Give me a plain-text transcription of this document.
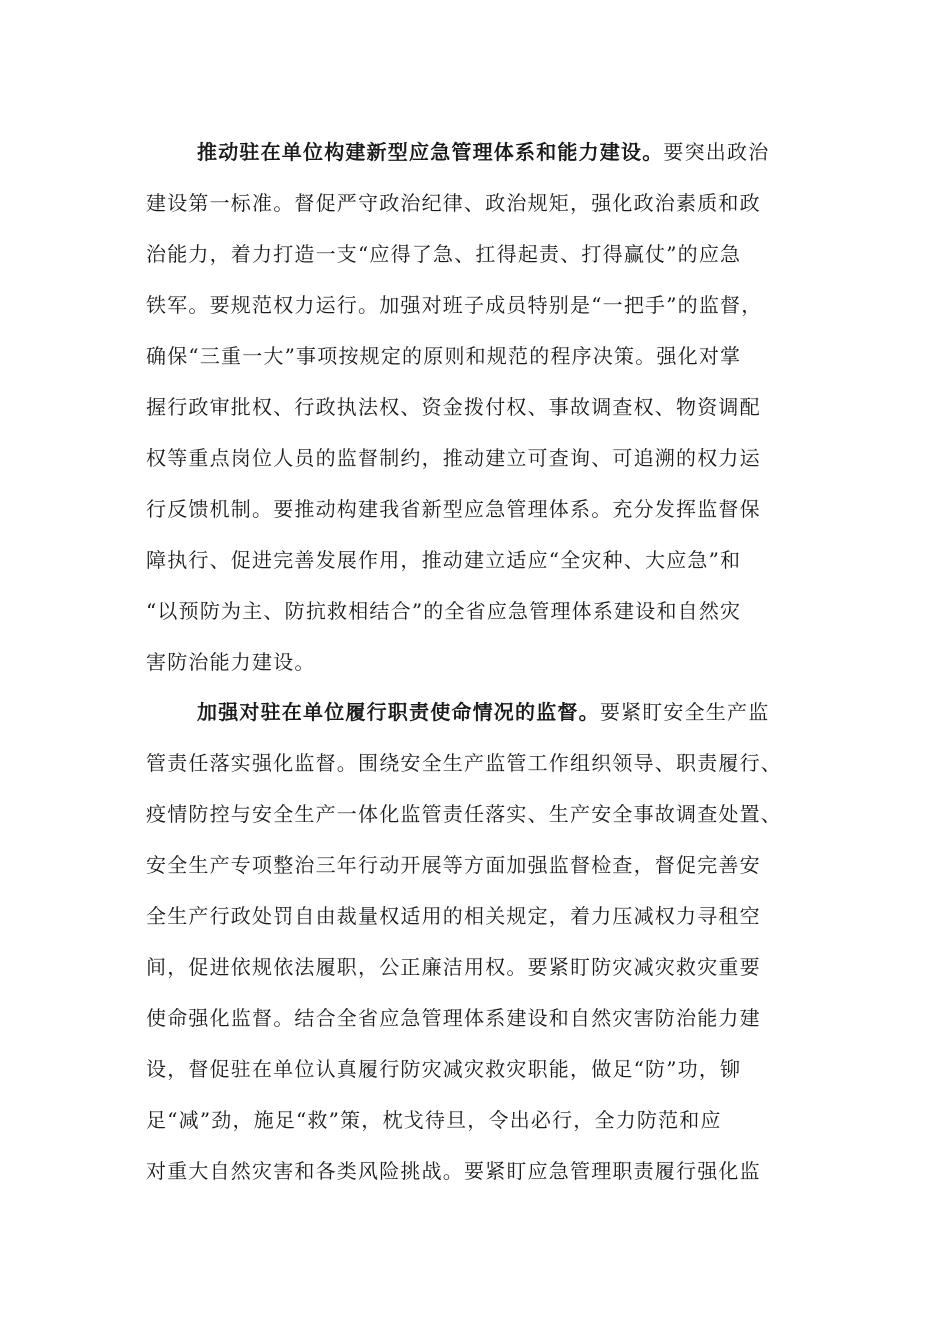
推动驻在单位构建新型应急管理体系和能力建设。要突出政治
建设第一标准。督促严守政治纪律、政治规矩，强化政治素质和政
治能力，着力打造一支“应得了急、扛得起责、打得赢仗”的应急
铁军。要规范权力运行。加强对班子成员特别是“一把手”的监督，
确保“三重一大”事项按规定的原则和规范的程序决策。强化对掌
握行政审批权、行政执法权、资金拨付权、事故调查权、物资调配
权等重点岗位人员的监督制约，推动建立可查询、可追溯的权力运
行反馈机制。要推动构建我省新型应急管理体系。充分发挥监督保
障执行、促进完善发展作用，推动建立适应“全灾种、大应急”和
“以预防为主、防抗救相结合”的全省应急管理体系建设和自然灾
害防治能力建设。
加强对驻在单位履行职责使命情况的监督。要紧盯安全生产监
管责任落实强化监督。围绕安全生产监管工作组织领导、职责履行、
疫情防控与安全生产一体化监管责任落实、生产安全事故调查处置、
安全生产专项整治三年行动开展等方面加强监督检查，督促完善安
全生产行政处罚自由裁量权适用的相关规定，着力压减权力寻租空
间，促进依规依法履职，公正廉洁用权。要紧盯防灾减灾救灾重要
使命强化监督。结合全省应急管理体系建设和自然灾害防治能力建
设，督促驻在单位认真履行防灾减灾救灾职能，做足“防”功，铆
足“减”劲，施足“救”策，枕戈待旦，令出必行，全力防范和应
对重大自然灾害和各类风险挑战。要紧盯应急管理职责履行强化监
